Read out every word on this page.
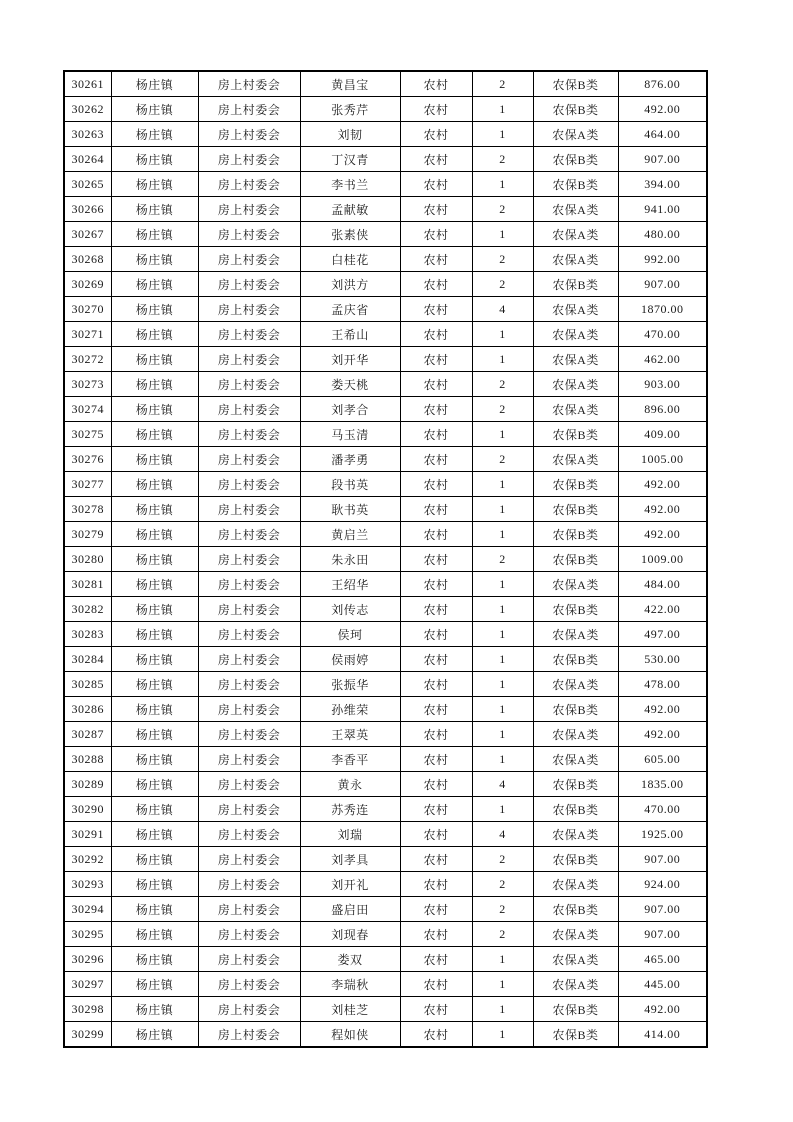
30261	杨庄镇	房上村委会	黄昌宝	农村	2	农保B类	876.00
30262	杨庄镇	房上村委会	张秀芹	农村	1	农保B类	492.00
30263	杨庄镇	房上村委会	刘韧	农村	1	农保A类	464.00
30264	杨庄镇	房上村委会	丁汉青	农村	2	农保B类	907.00
30265	杨庄镇	房上村委会	李书兰	农村	1	农保B类	394.00
30266	杨庄镇	房上村委会	孟献敏	农村	2	农保A类	941.00
30267	杨庄镇	房上村委会	张素侠	农村	1	农保A类	480.00
30268	杨庄镇	房上村委会	白桂花	农村	2	农保A类	992.00
30269	杨庄镇	房上村委会	刘洪方	农村	2	农保B类	907.00
30270	杨庄镇	房上村委会	孟庆省	农村	4	农保A类	1870.00
30271	杨庄镇	房上村委会	王希山	农村	1	农保A类	470.00
30272	杨庄镇	房上村委会	刘开华	农村	1	农保A类	462.00
30273	杨庄镇	房上村委会	娄天桃	农村	2	农保A类	903.00
30274	杨庄镇	房上村委会	刘孝合	农村	2	农保A类	896.00
30275	杨庄镇	房上村委会	马玉清	农村	1	农保B类	409.00
30276	杨庄镇	房上村委会	潘孝勇	农村	2	农保A类	1005.00
30277	杨庄镇	房上村委会	段书英	农村	1	农保B类	492.00
30278	杨庄镇	房上村委会	耿书英	农村	1	农保B类	492.00
30279	杨庄镇	房上村委会	黄启兰	农村	1	农保B类	492.00
30280	杨庄镇	房上村委会	朱永田	农村	2	农保B类	1009.00
30281	杨庄镇	房上村委会	王绍华	农村	1	农保A类	484.00
30282	杨庄镇	房上村委会	刘传志	农村	1	农保B类	422.00
30283	杨庄镇	房上村委会	侯珂	农村	1	农保A类	497.00
30284	杨庄镇	房上村委会	侯雨婷	农村	1	农保B类	530.00
30285	杨庄镇	房上村委会	张振华	农村	1	农保A类	478.00
30286	杨庄镇	房上村委会	孙维荣	农村	1	农保B类	492.00
30287	杨庄镇	房上村委会	王翠英	农村	1	农保A类	492.00
30288	杨庄镇	房上村委会	李香平	农村	1	农保A类	605.00
30289	杨庄镇	房上村委会	黄永	农村	4	农保B类	1835.00
30290	杨庄镇	房上村委会	苏秀连	农村	1	农保B类	470.00
30291	杨庄镇	房上村委会	刘瑞	农村	4	农保A类	1925.00
30292	杨庄镇	房上村委会	刘孝具	农村	2	农保B类	907.00
30293	杨庄镇	房上村委会	刘开礼	农村	2	农保A类	924.00
30294	杨庄镇	房上村委会	盛启田	农村	2	农保B类	907.00
30295	杨庄镇	房上村委会	刘现春	农村	2	农保A类	907.00
30296	杨庄镇	房上村委会	娄双	农村	1	农保A类	465.00
30297	杨庄镇	房上村委会	李瑞秋	农村	1	农保A类	445.00
30298	杨庄镇	房上村委会	刘桂芝	农村	1	农保B类	492.00
30299	杨庄镇	房上村委会	程如侠	农村	1	农保B类	414.00
